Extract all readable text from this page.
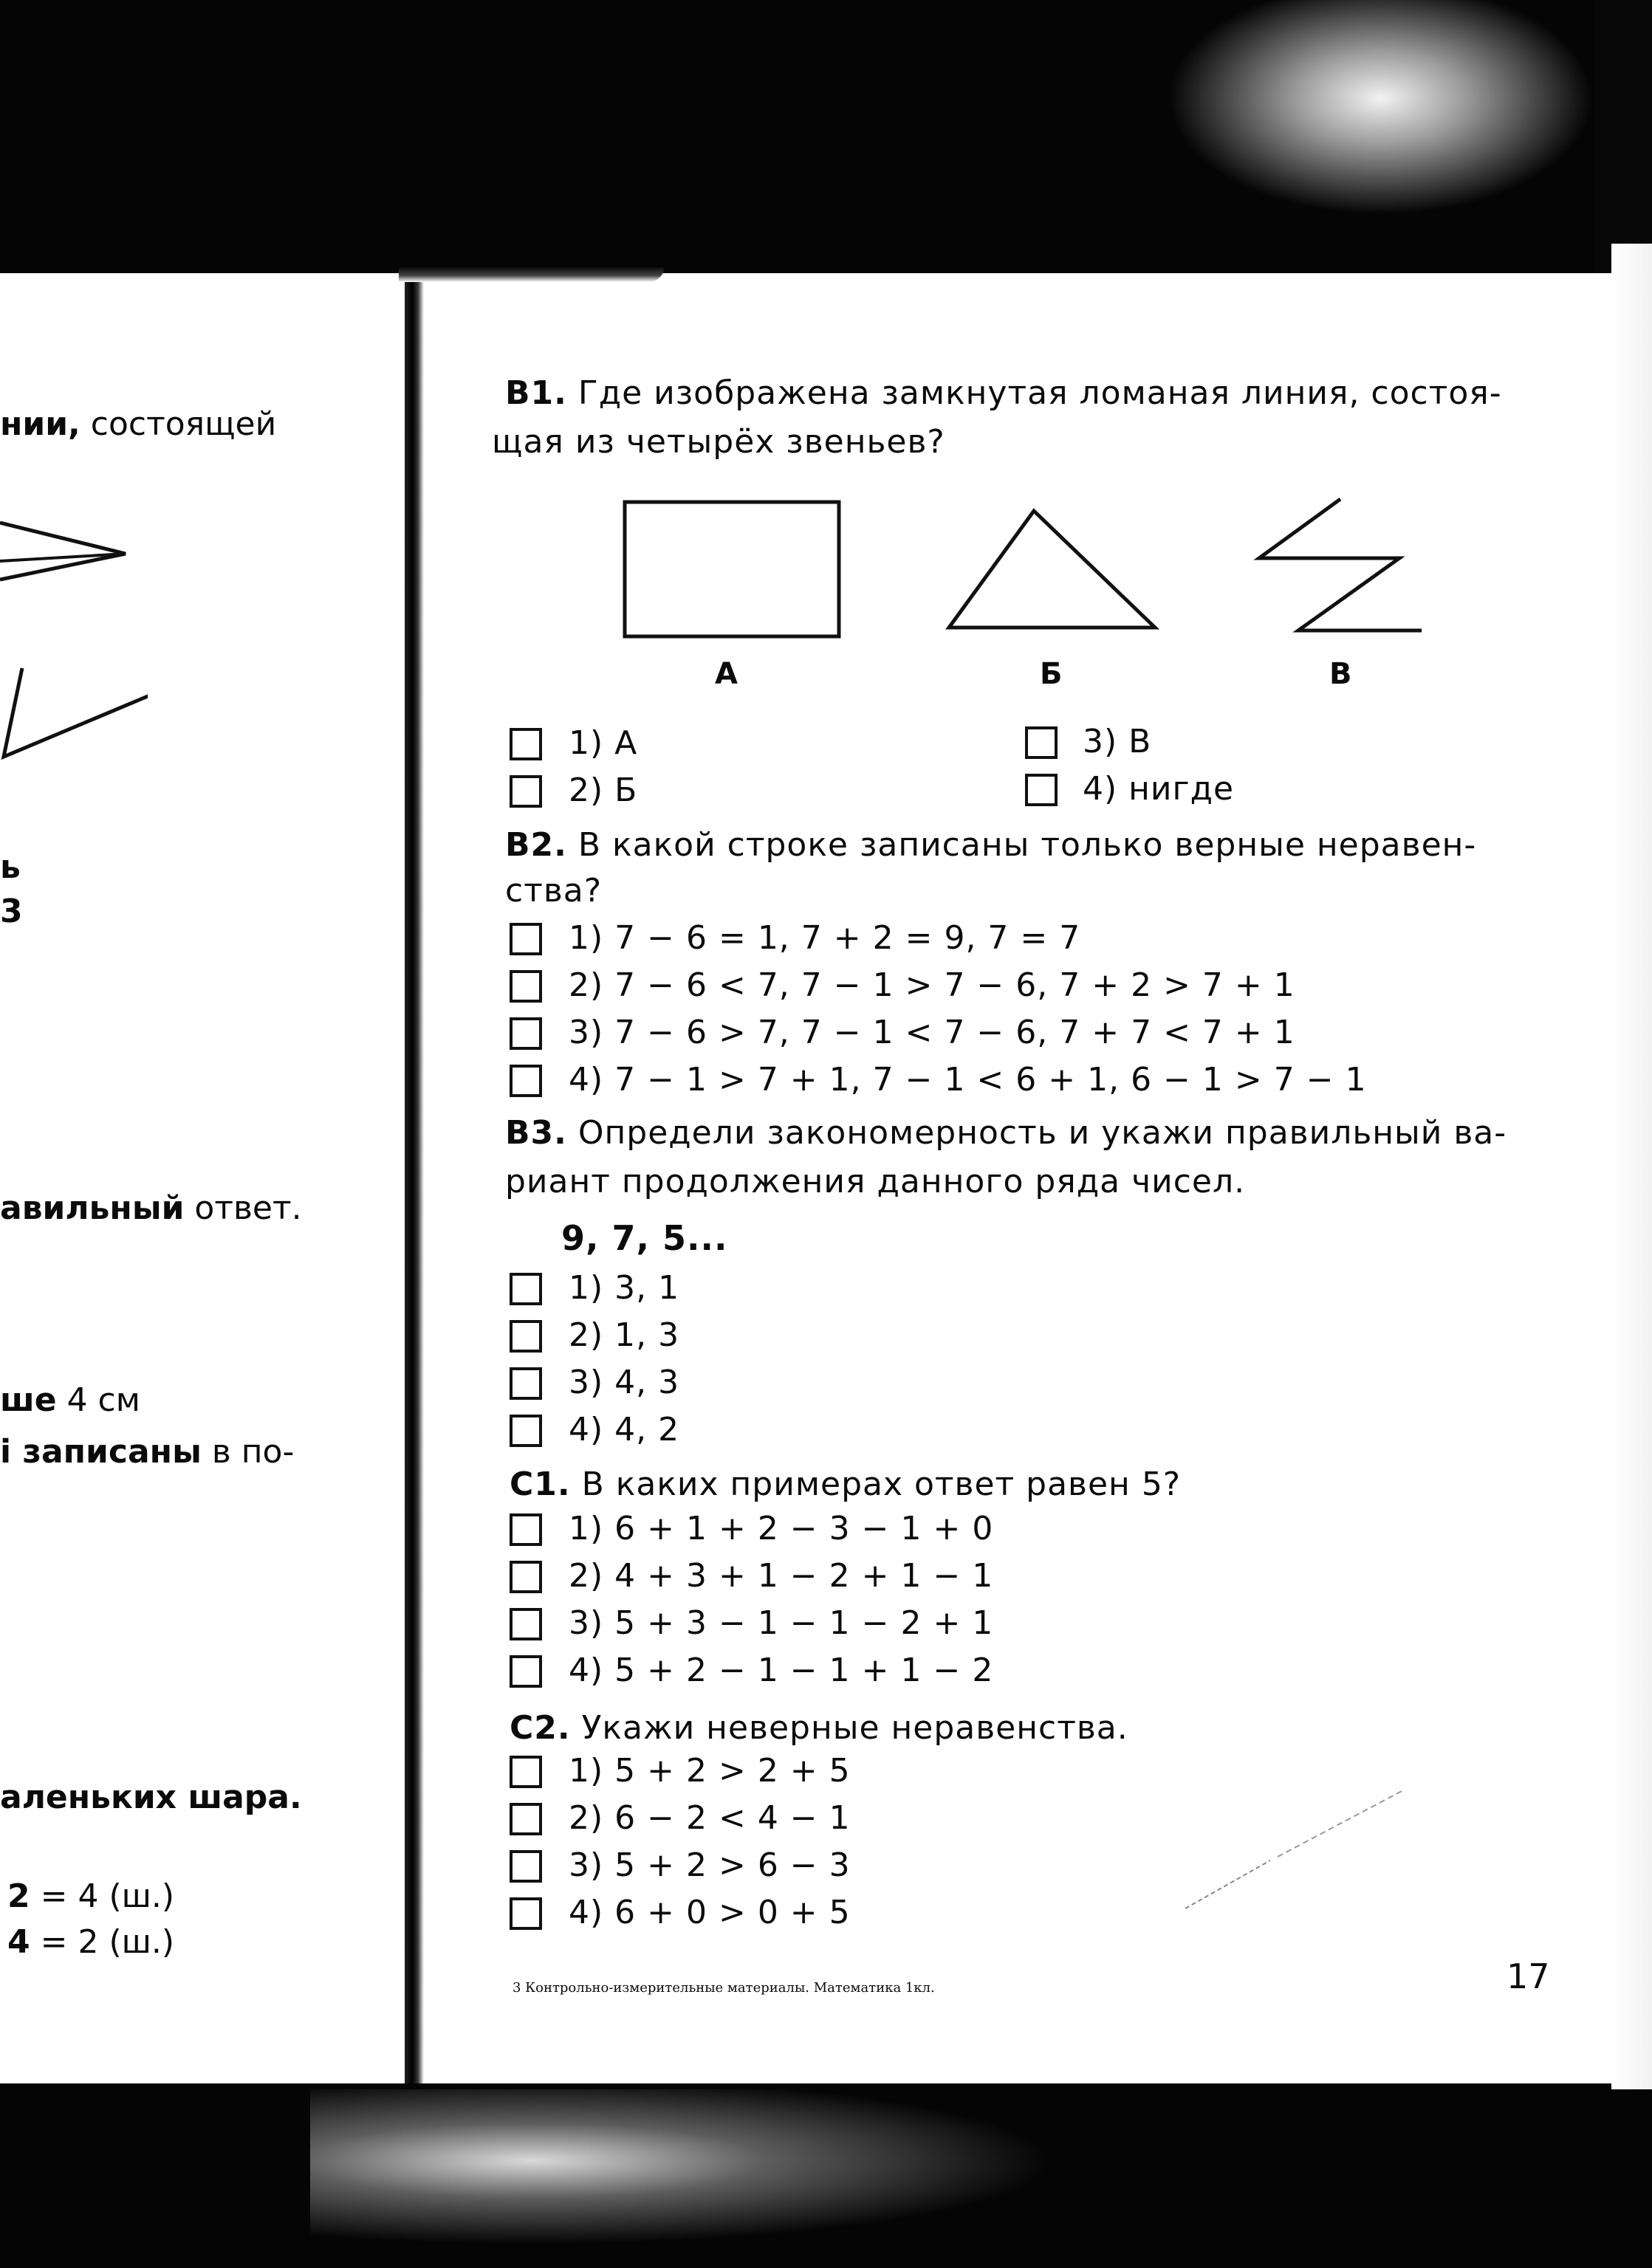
нии, состоящей
ь
3
авильный ответ.
ше 4 см
і записаны в по-
аленьких шара.
2 = 4 (ш.)
4 = 2 (ш.)
В1. Где изображена замкнутая ломаная линия, состоя-
щая из четырёх звеньев?
А	Б	В
1) А
2) Б
3) В
4) нигде
В2. В какой строке записаны только верные неравен-
ства?
1) 7 − 6 = 1, 7 + 2 = 9, 7 = 7
2) 7 − 6 < 7, 7 − 1 > 7 − 6, 7 + 2 > 7 + 1
3) 7 − 6 > 7, 7 − 1 < 7 − 6, 7 + 7 < 7 + 1
4) 7 − 1 > 7 + 1, 7 − 1 < 6 + 1, 6 − 1 > 7 − 1
В3. Определи закономерность и укажи правильный ва-
риант продолжения данного ряда чисел.
9, 7, 5...
1) 3, 1
2) 1, 3
3) 4, 3
4) 4, 2
С1. В каких примерах ответ равен 5?
1) 6 + 1 + 2 − 3 − 1 + 0
2) 4 + 3 + 1 − 2 + 1 − 1
3) 5 + 3 − 1 − 1 − 2 + 1
4) 5 + 2 − 1 − 1 + 1 − 2
С2. Укажи неверные неравенства.
1) 5 + 2 > 2 + 5
2) 6 − 2 < 4 − 1
3) 5 + 2 > 6 − 3
4) 6 + 0 > 0 + 5
3 Контрольно-измерительные материалы. Математика 1кл.	17
